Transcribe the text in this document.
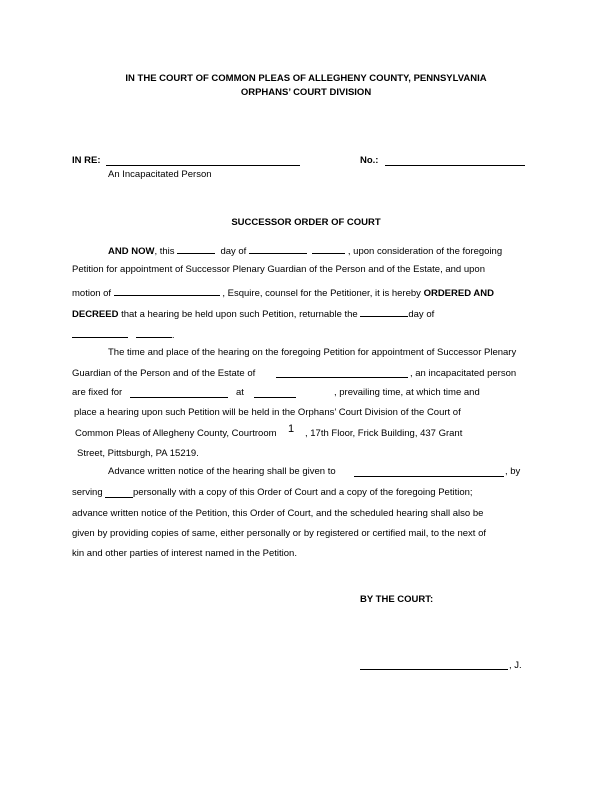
IN THE COURT OF COMMON PLEAS OF ALLEGHENY COUNTY, PENNSYLVANIA
ORPHANS’ COURT DIVISION
IN RE:
An Incapacitated Person
No.:
SUCCESSOR ORDER OF COURT
AND NOW, this	day of	, upon consideration of the foregoing
Petition for appointment of Successor Plenary Guardian of the Person and of the Estate, and upon
motion of	, Esquire, counsel for the Petitioner, it is hereby ORDERED AND
DECREED that a hearing be held upon such Petition, returnable the	day of
.
The time and place of the hearing on the foregoing Petition for appointment of Successor Plenary
Guardian of the Person and of the Estate of	, an incapacitated person
are fixed for	at	, prevailing time, at which time and
place a hearing upon such Petition will be held in the Orphans’ Court Division of the Court of
Common Pleas of Allegheny County, Courtroom 1 , 17th Floor, Frick Building, 437 Grant
Street, Pittsburgh, PA 15219.
Advance written notice of the hearing shall be given to	, by
serving	personally with a copy of this Order of Court and a copy of the foregoing Petition;
advance written notice of the Petition, this Order of Court, and the scheduled hearing shall also be
given by providing copies of same, either personally or by registered or certified mail, to the next of
kin and other parties of interest named in the Petition.
BY THE COURT:
, J.
